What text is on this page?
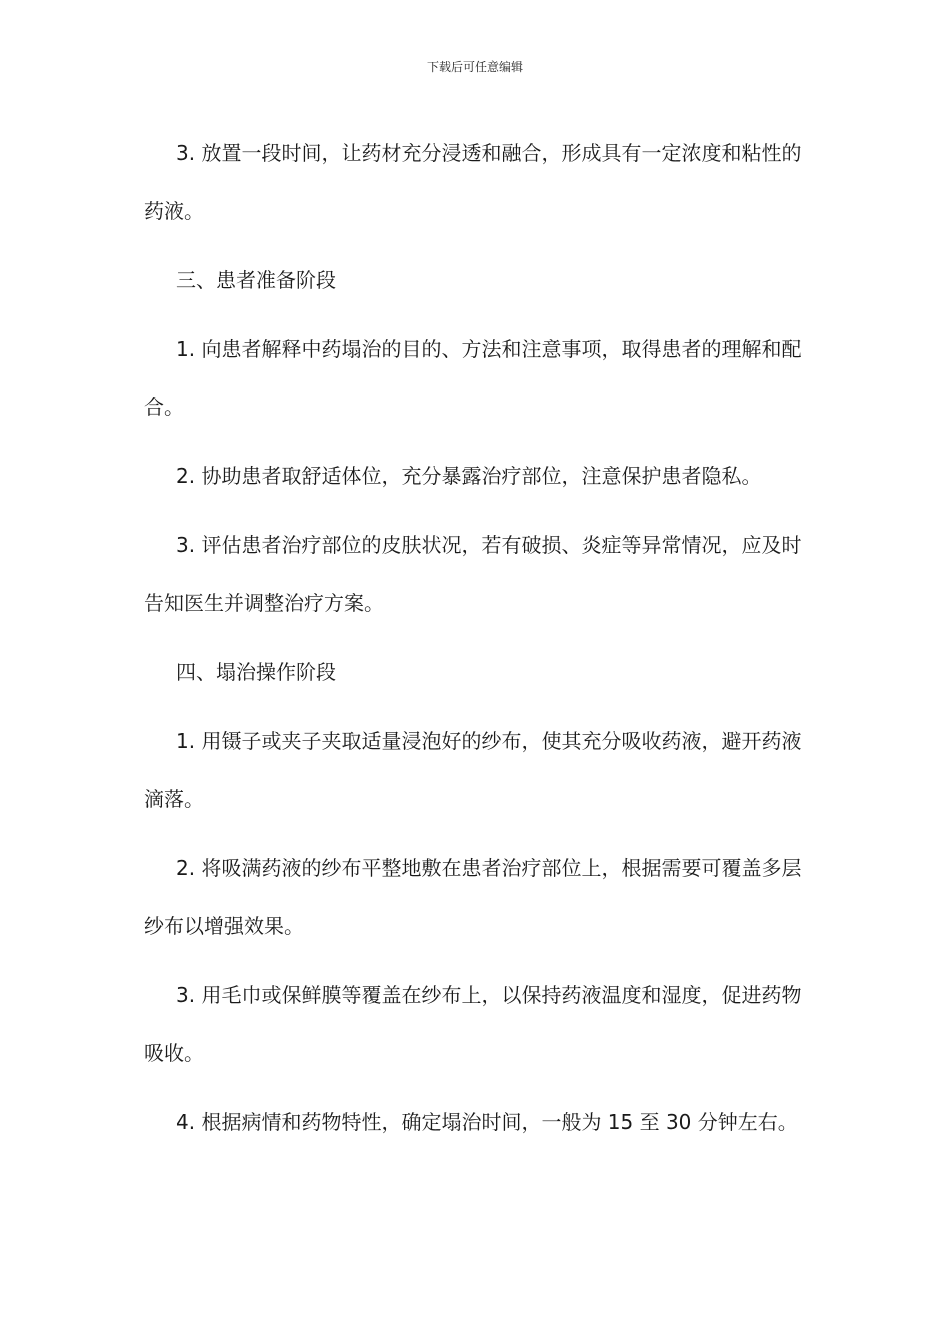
下载后可任意编辑

3. 放置一段时间，让药材充分浸透和融合，形成具有一定浓度和粘性的药液。

三、患者准备阶段

1. 向患者解释中药塌治的目的、方法和注意事项，取得患者的理解和配合。

2. 协助患者取舒适体位，充分暴露治疗部位，注意保护患者隐私。

3. 评估患者治疗部位的皮肤状况，若有破损、炎症等异常情况，应及时告知医生并调整治疗方案。

四、塌治操作阶段

1. 用镊子或夹子夹取适量浸泡好的纱布，使其充分吸收药液，避开药液滴落。

2. 将吸满药液的纱布平整地敷在患者治疗部位上，根据需要可覆盖多层纱布以增强效果。

3. 用毛巾或保鲜膜等覆盖在纱布上，以保持药液温度和湿度，促进药物吸收。

4. 根据病情和药物特性，确定塌治时间，一般为 15 至 30 分钟左右。
